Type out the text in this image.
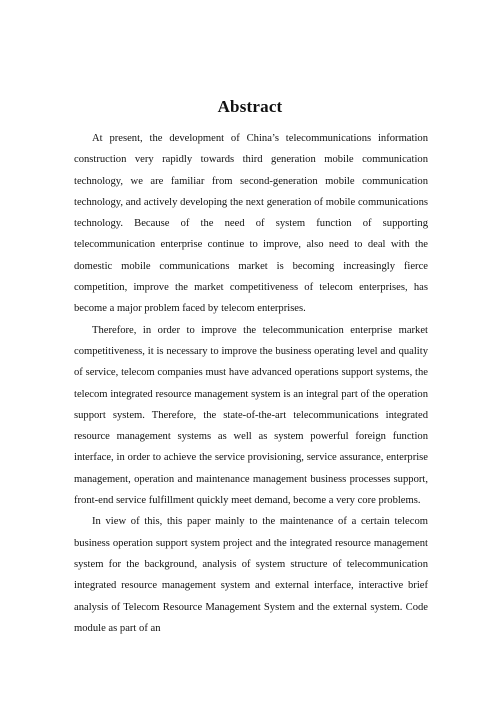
Abstract

At present, the development of China’s telecommunications information construction very rapidly towards third generation mobile communication technology, we are familiar from second-generation mobile communication technology, and actively developing the next generation of mobile communications technology. Because of the need of system function of supporting telecommunication enterprise continue to improve, also need to deal with the domestic mobile communications market is becoming increasingly fierce competition, improve the market competitiveness of telecom enterprises, has become a major problem faced by telecom enterprises.

Therefore, in order to improve the telecommunication enterprise market competitiveness, it is necessary to improve the business operating level and quality of service, telecom companies must have advanced operations support systems, the telecom integrated resource management system is an integral part of the operation support system. Therefore, the state-of-the-art telecommunications integrated resource management systems as well as system powerful foreign function interface, in order to achieve the service provisioning, service assurance, enterprise management, operation and maintenance management business processes support, front-end service fulfillment quickly meet demand, become a very core problems.

In view of this, this paper mainly to the maintenance of a certain telecom business operation support system project and the integrated resource management system for the background, analysis of system structure of telecommunication integrated resource management system and external interface, interactive brief analysis of Telecom Resource Management System and the external system. Code module as part of an
